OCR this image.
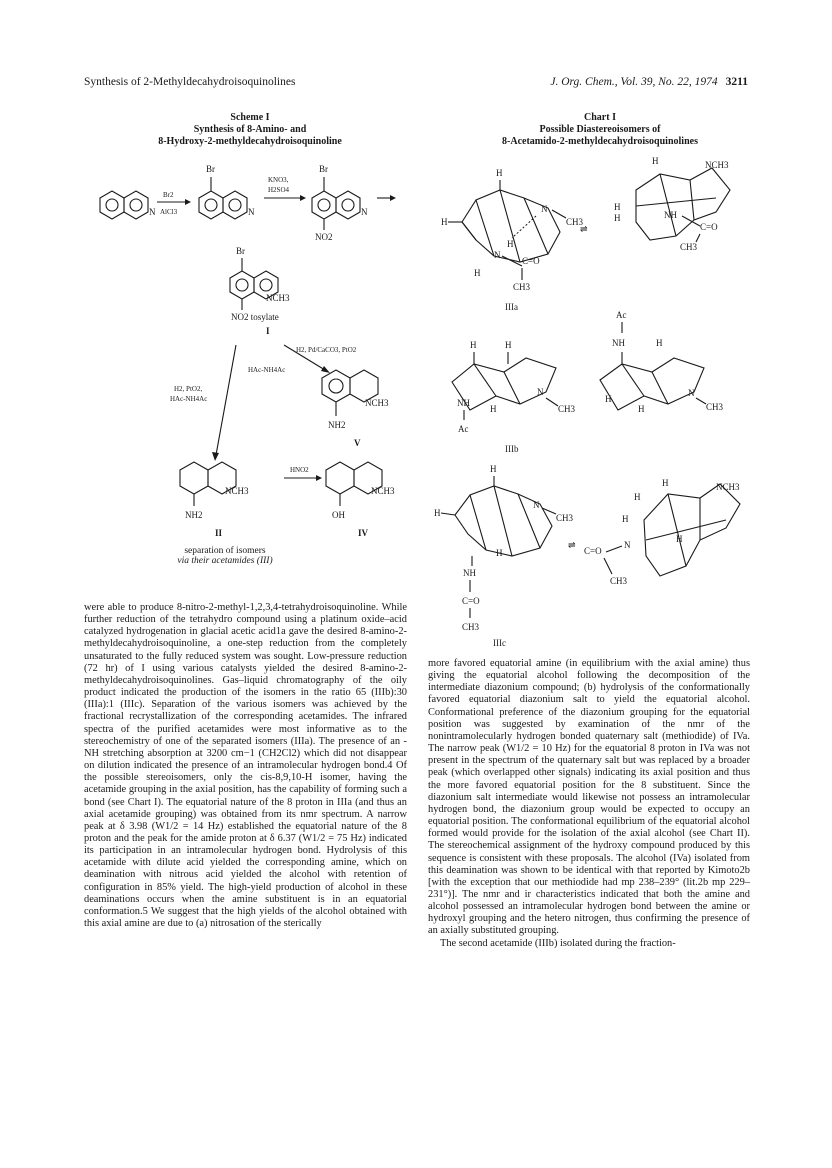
Synthesis of 2-Methyldecahydroisoquinolines	J. Org. Chem., Vol. 39, No. 22, 1974 3211
Scheme I
Synthesis of 8-Amino- and
8-Hydroxy-2-methyldecahydroisoquinoline
Chart I
Possible Diastereoisomers of
8-Acetamido-2-methyldecahydroisoquinolines
N
Br2
AlCl3
Br
N
KNO3,
H2SO4
Br
NO2
N
Br
NCH3
NO2 tosylate
I
H2, Pd/CaCO3, PtO2
HAc-NH4Ac
H2, PtO2,
HAc-NH4Ac	NCH3
NH2
V
NCH3
NH2
II
HNO2
NCH3
OH
IV
H
H
N
CH3
H
N
C=O
CH3
H
⇌
H	NCH3
H
H	NH
C=O
CH3
IIIa
H	H
N
CH3
NH
Ac
H
Ac
NH	H
N
CH3
H
H
IIIb
H
H
N
CH3
H
NH
C=O
CH3
⇌
H	NCH3
H
H
N
H
C=O
CH3
IIIc
separation of isomers
via their acetamides (III)

were able to produce 8-nitro-2-methyl-1,2,3,4-tetrahydroisoquinoline. While further reduction of the tetrahydro compound using a platinum oxide–acid catalyzed hydrogenation in glacial acetic acid1a gave the desired 8-amino-2-methyldecahydroisoquinoline, a one-step reduction from the completely unsaturated to the fully reduced system was sought. Low-pressure reduction (72 hr) of I using various catalysts yielded the desired 8-amino-2-methyldecahydroisoquinolines. Gas–liquid chromatography of the oily product indicated the production of the isomers in the ratio 65 (IIIb):30 (IIIa):1 (IIIc). Separation of the various isomers was achieved by the fractional recrystallization of the corresponding acetamides. The infrared spectra of the purified acetamides were most informative as to the stereochemistry of one of the separated isomers (IIIa). The presence of an -NH stretching absorption at 3200 cm−1 (CH2Cl2) which did not disappear on dilution indicated the presence of an intramolecular hydrogen bond.4 Of the possible stereoisomers, only the cis-8,9,10-H isomer, having the acetamide grouping in the axial position, has the capability of forming such a bond (see Chart I). The equatorial nature of the 8 proton in IIIa (and thus an axial acetamide grouping) was obtained from its nmr spectrum. A narrow peak at δ 3.98 (W1/2 = 14 Hz) established the equatorial nature of the 8 proton and the peak for the amide proton at δ 6.37 (W1/2 = 75 Hz) indicated its participation in an intramolecular hydrogen bond. Hydrolysis of this acetamide with dilute acid yielded the corresponding amine, which on deamination with nitrous acid yielded the alcohol with retention of configuration in 85% yield. The high-yield production of alcohol in these deaminations occurs when the amine substituent is in an equatorial conformation.5 We suggest that the high yields of the alcohol obtained with this axial amine are due to (a) nitrosation of the sterically

more favored equatorial amine (in equilibrium with the axial amine) thus giving the equatorial alcohol following the decomposition of the intermediate diazonium compound; (b) hydrolysis of the conformationally favored equatorial diazonium salt to yield the equatorial alcohol. Conformational preference of the diazonium grouping for the equatorial position was suggested by examination of the nmr of the nonintramolecularly hydrogen bonded quaternary salt (methiodide) of IVa. The narrow peak (W1/2 = 10 Hz) for the equatorial 8 proton in IVa was not present in the spectrum of the quaternary salt but was replaced by a broader peak (which overlapped other signals) indicating its axial position and thus the more favored equatorial position for the 8 substituent. Since the diazonium salt intermediate would likewise not possess an intramolecular hydrogen bond, the diazonium group would be expected to occupy an equatorial position. The conformational equilibrium of the equatorial alcohol formed would provide for the isolation of the axial alcohol (see Chart II). The stereochemical assignment of the hydroxy compound produced by this sequence is consistent with these proposals. The alcohol (IVa) isolated from this deamination was shown to be identical with that reported by Kimoto2b [with the exception that our methiodide had mp 238–239° (lit.2b mp 229–231°)]. The nmr and ir characteristics indicated that both the amine and alcohol possessed an intramolecular hydrogen bond between the amine or hydroxyl grouping and the hetero nitrogen, thus confirming the presence of an axially substituted grouping.

The second acetamide (IIIb) isolated during the fraction-
